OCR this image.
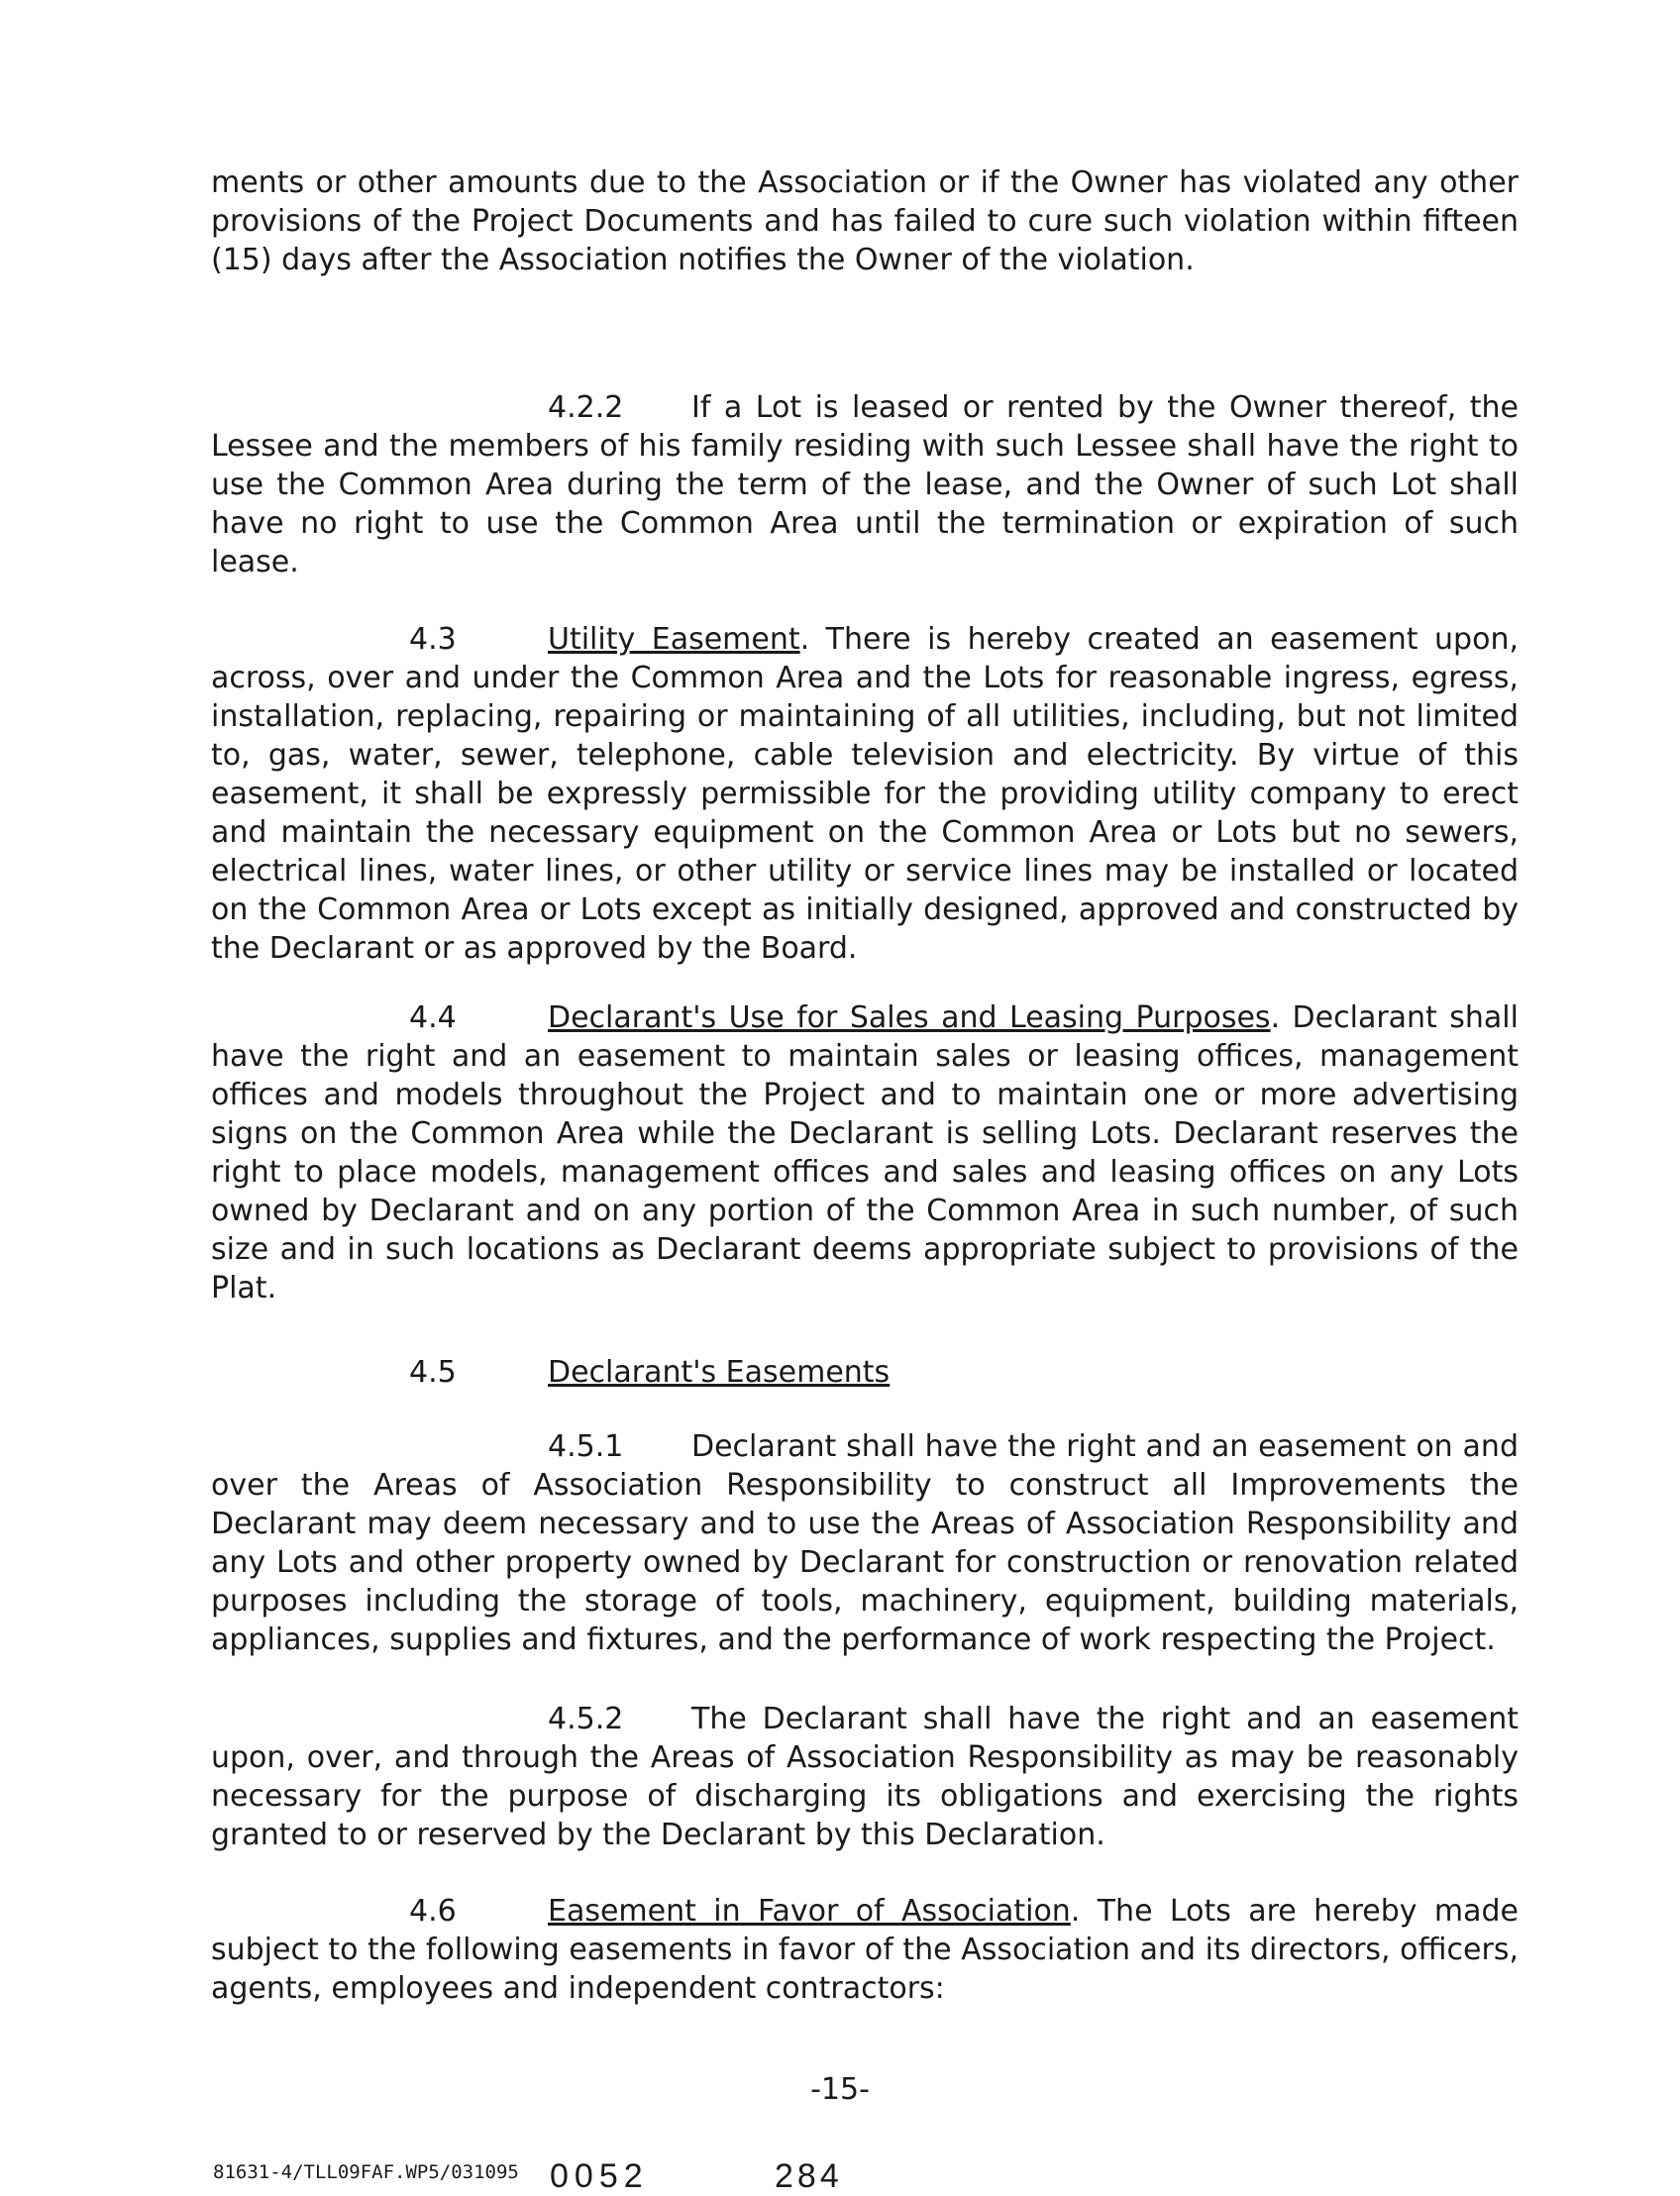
ments or other amounts due to the Association or if the Owner has violated any other provisions of the Project Documents and has failed to cure such violation within fifteen (15) days after the Association notifies the Owner of the violation.

4.2.2 If a Lot is leased or rented by the Owner thereof, the Lessee and the members of his family residing with such Lessee shall have the right to use the Common Area during the term of the lease, and the Owner of such Lot shall have no right to use the Common Area until the termination or expiration of such lease.

4.3	Utility Easement. There is hereby created an easement upon, across, over and under the Common Area and the Lots for reasonable ingress, egress, installation, replacing, repairing or maintaining of all utilities, including, but not limited to, gas, water, sewer, telephone, cable television and electricity. By virtue of this easement, it shall be expressly permissible for the providing utility company to erect and maintain the necessary equipment on the Common Area or Lots but no sewers, electrical lines, water lines, or other utility or service lines may be installed or located on the Common Area or Lots except as initially designed, approved and constructed by the Declarant or as approved by the Board.

4.4	Declarant's Use for Sales and Leasing Purposes. Declarant shall have the right and an easement to maintain sales or leasing offices, management offices and models throughout the Project and to maintain one or more advertising signs on the Common Area while the Declarant is selling Lots. Declarant reserves the right to place models, management offices and sales and leasing offices on any Lots owned by Declarant and on any portion of the Common Area in such number, of such size and in such locations as Declarant deems appropriate subject to provisions of the Plat.

4.5	Declarant's Easements

4.5.1 Declarant shall have the right and an easement on and over the Areas of Association Responsibility to construct all Improvements the Declarant may deem necessary and to use the Areas of Association Responsibility and any Lots and other property owned by Declarant for construction or renovation related purposes including the storage of tools, machinery, equipment, building materials, appliances, supplies and fixtures, and the performance of work respecting the Project.

4.5.2 The Declarant shall have the right and an easement upon, over, and through the Areas of Association Responsibility as may be reasonably necessary for the purpose of discharging its obligations and exercising the rights granted to or reserved by the Declarant by this Declaration.

4.6	Easement in Favor of Association. The Lots are hereby made subject to the following easements in favor of the Association and its directors, officers, agents, employees and independent contractors:

-15-
81631-4/TLL09FAF.WP5/031095 0052	284
